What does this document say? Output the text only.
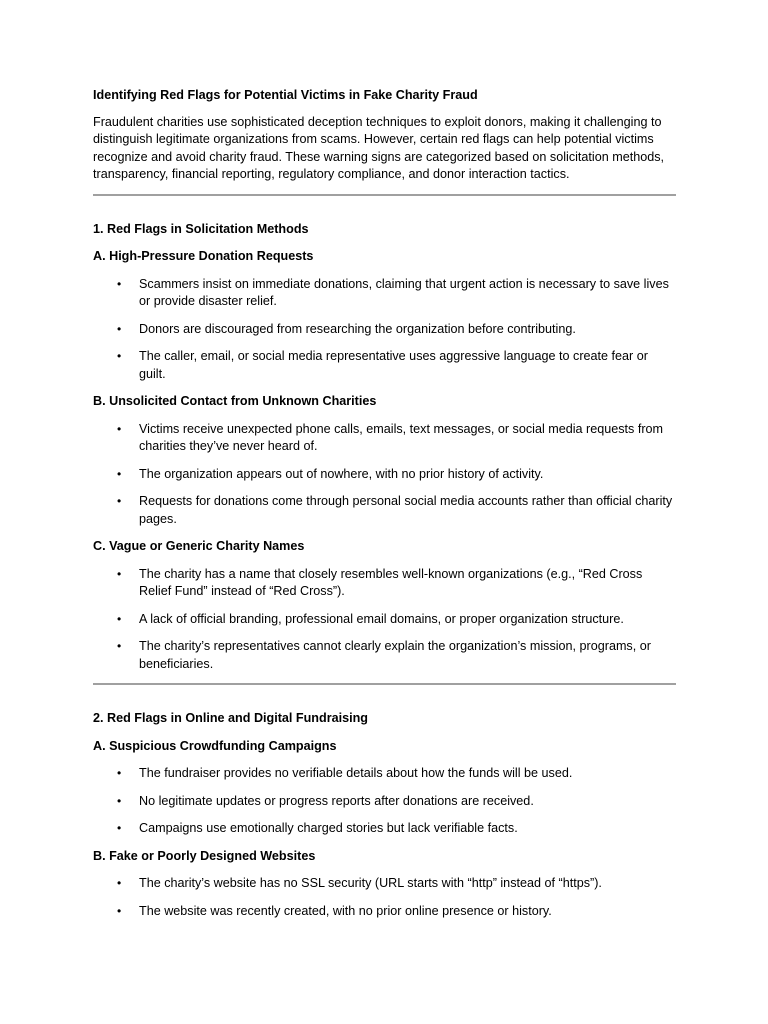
Identifying Red Flags for Potential Victims in Fake Charity Fraud

Fraudulent charities use sophisticated deception techniques to exploit donors, making it challenging to distinguish legitimate organizations from scams. However, certain red flags can help potential victims recognize and avoid charity fraud. These warning signs are categorized based on solicitation methods, transparency, financial reporting, regulatory compliance, and donor interaction tactics.

1. Red Flags in Solicitation Methods
A. High-Pressure Donation Requests
• Scammers insist on immediate donations, claiming that urgent action is necessary to save lives or provide disaster relief.
• Donors are discouraged from researching the organization before contributing.
• The caller, email, or social media representative uses aggressive language to create fear or guilt.
B. Unsolicited Contact from Unknown Charities
• Victims receive unexpected phone calls, emails, text messages, or social media requests from charities they’ve never heard of.
• The organization appears out of nowhere, with no prior history of activity.
• Requests for donations come through personal social media accounts rather than official charity pages.
C. Vague or Generic Charity Names
• The charity has a name that closely resembles well-known organizations (e.g., “Red Cross Relief Fund” instead of “Red Cross”).
• A lack of official branding, professional email domains, or proper organization structure.
• The charity’s representatives cannot clearly explain the organization’s mission, programs, or beneficiaries.
2. Red Flags in Online and Digital Fundraising
A. Suspicious Crowdfunding Campaigns
• The fundraiser provides no verifiable details about how the funds will be used.
• No legitimate updates or progress reports after donations are received.
• Campaigns use emotionally charged stories but lack verifiable facts.
B. Fake or Poorly Designed Websites
• The charity’s website has no SSL security (URL starts with “http” instead of “https”).
• The website was recently created, with no prior online presence or history.
